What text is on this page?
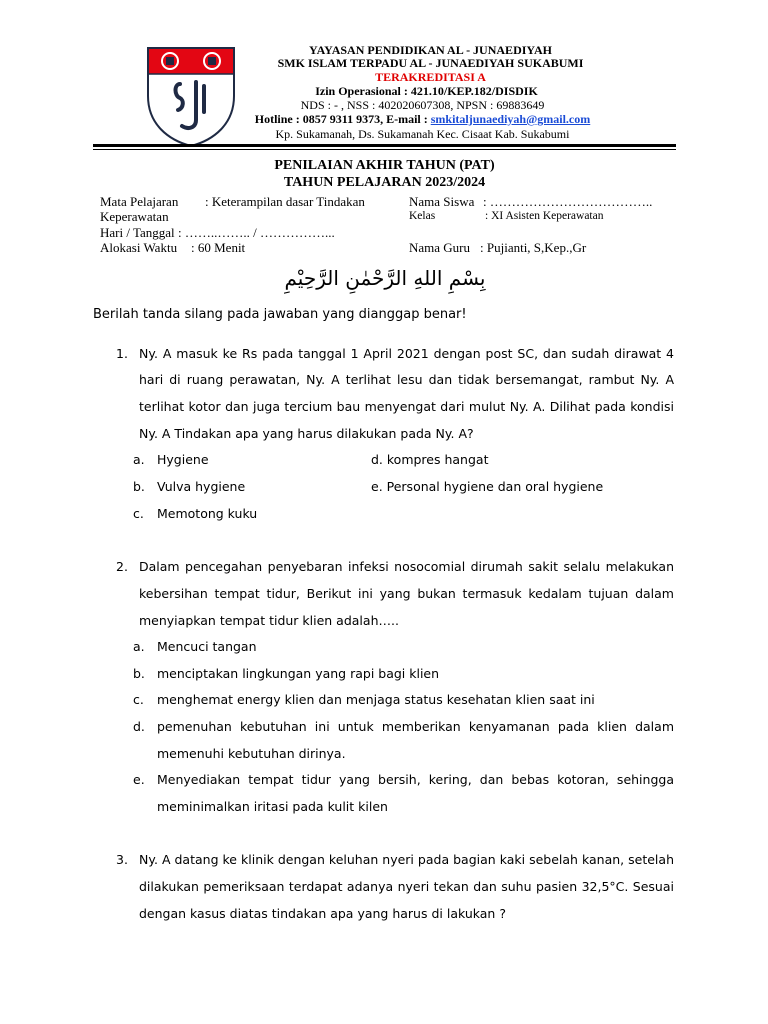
YAYASAN PENDIDIKAN AL - JUNAEDIYAH
SMK ISLAM TERPADU AL - JUNAEDIYAH SUKABUMI
TERAKREDITASI A
Izin Operasional : 421.10/KEP.182/DISDIK
NDS : - , NSS : 402020607308, NPSN : 69883649
Hotline : 0857 9311 9373, E-mail : smkitaljunaediyah@gmail.com
Kp. Sukamanah, Ds. Sukamanah Kec. Cisaat Kab. Sukabumi
PENILAIAN AKHIR TAHUN (PAT)
TAHUN PELAJARAN 2023/2024
Mata Pelajaran : Keterampilan dasar Tindakan
Keperawatan
Hari / Tanggal : ……..…….. / ……………...
Alokasi Waktu : 60 Menit
Nama Siswa : ………………………………..
Kelas	: XI Asisten Keperawatan
Nama Guru : Pujianti, S,Kep.,Gr
بِسْمِ اللهِ الرَّحْمٰنِ الرَّحِيْمِ
Berilah tanda silang pada jawaban yang dianggap benar!
1. Ny. A masuk ke Rs pada tanggal 1 April 2021 dengan post SC, dan sudah dirawat 4
hari di ruang perawatan, Ny. A terlihat lesu dan tidak bersemangat, rambut Ny. A
terlihat kotor dan juga tercium bau menyengat dari mulut Ny. A. Dilihat pada kondisi
Ny. A Tindakan apa yang harus dilakukan pada Ny. A?
a. Hygiene	d. kompres hangat
b. Vulva hygiene	e. Personal hygiene dan oral hygiene
c. Memotong kuku
2. Dalam pencegahan penyebaran infeksi nosocomial dirumah sakit selalu melakukan
kebersihan tempat tidur, Berikut ini yang bukan termasuk kedalam tujuan dalam
menyiapkan tempat tidur klien adalah…..
a. Mencuci tangan
b. menciptakan lingkungan yang rapi bagi klien
c. menghemat energy klien dan menjaga status kesehatan klien saat ini
d. pemenuhan kebutuhan ini untuk memberikan kenyamanan pada klien dalam
memenuhi kebutuhan dirinya.
e. Menyediakan tempat tidur yang bersih, kering, dan bebas kotoran, sehingga
meminimalkan iritasi pada kulit kilen
3. Ny. A datang ke klinik dengan keluhan nyeri pada bagian kaki sebelah kanan, setelah
dilakukan pemeriksaan terdapat adanya nyeri tekan dan suhu pasien 32,5°C. Sesuai
dengan kasus diatas tindakan apa yang harus di lakukan ?
